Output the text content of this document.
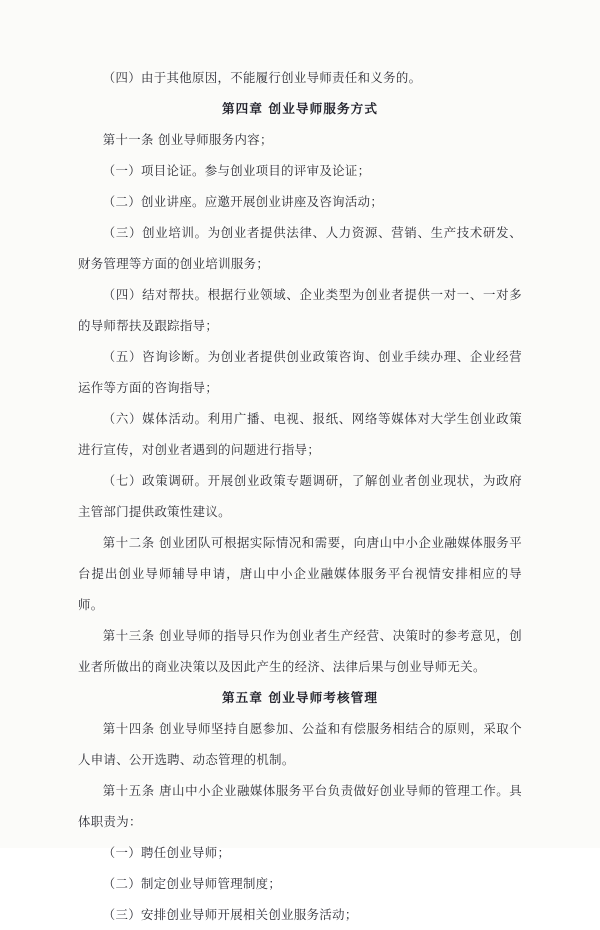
（四）由于其他原因，不能履行创业导师责任和义务的。

第四章 创业导师服务方式

第十一条 创业导师服务内容；

（一）项目论证。参与创业项目的评审及论证；

（二）创业讲座。应邀开展创业讲座及咨询活动；

（三）创业培训。为创业者提供法律、人力资源、营销、生产技术研发、财务管理等方面的创业培训服务；

（四）结对帮扶。根据行业领域、企业类型为创业者提供一对一、一对多的导师帮扶及跟踪指导；

（五）咨询诊断。为创业者提供创业政策咨询、创业手续办理、企业经营运作等方面的咨询指导；

（六）媒体活动。利用广播、电视、报纸、网络等媒体对大学生创业政策进行宣传，对创业者遇到的问题进行指导；

（七）政策调研。开展创业政策专题调研，了解创业者创业现状，为政府主管部门提供政策性建议。

第十二条 创业团队可根据实际情况和需要，向唐山中小企业融媒体服务平台提出创业导师辅导申请，唐山中小企业融媒体服务平台视情安排相应的导师。

第十三条 创业导师的指导只作为创业者生产经营、决策时的参考意见，创业者所做出的商业决策以及因此产生的经济、法律后果与创业导师无关。

第五章 创业导师考核管理

第十四条 创业导师坚持自愿参加、公益和有偿服务相结合的原则，采取个人申请、公开选聘、动态管理的机制。

第十五条 唐山中小企业融媒体服务平台负责做好创业导师的管理工作。具体职责为：

（一）聘任创业导师；

（二）制定创业导师管理制度；

（三）安排创业导师开展相关创业服务活动；
